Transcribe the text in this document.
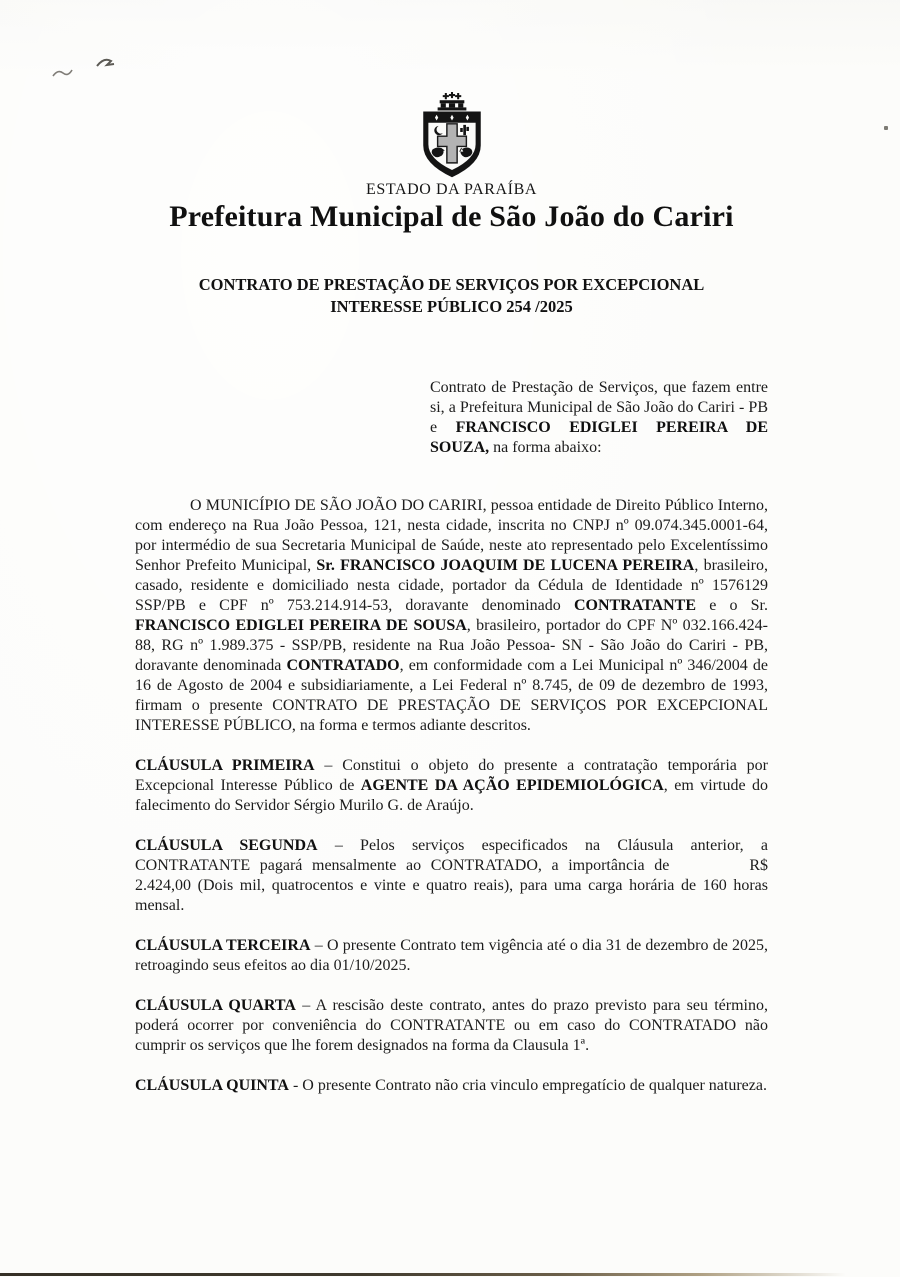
ESTADO DA PARAÍBA
Prefeitura Municipal de São João do Cariri
CONTRATO DE PRESTAÇÃO DE SERVIÇOS POR EXCEPCIONAL
INTERESSE PÚBLICO 254 /2025

Contrato de Prestação de Serviços, que fazem entre si, a Prefeitura Municipal de São João do Cariri - PB e FRANCISCO EDIGLEI PEREIRA DE SOUZA, na forma abaixo:

O MUNICÍPIO DE SÃO JOÃO DO CARIRI, pessoa entidade de Direito Público Interno, com endereço na Rua João Pessoa, 121, nesta cidade, inscrita no CNPJ nº 09.074.345.0001-64, por intermédio de sua Secretaria Municipal de Saúde, neste ato representado pelo Excelentíssimo Senhor Prefeito Municipal, Sr. FRANCISCO JOAQUIM DE LUCENA PEREIRA, brasileiro, casado, residente e domiciliado nesta cidade, portador da Cédula de Identidade nº 1576129 SSP/PB e CPF nº 753.214.914-53, doravante denominado CONTRATANTE e o Sr. FRANCISCO EDIGLEI PEREIRA DE SOUSA, brasileiro, portador do CPF Nº 032.166.424-88, RG nº 1.989.375 - SSP/PB, residente na Rua João Pessoa- SN - São João do Cariri - PB, doravante denominada CONTRATADO, em conformidade com a Lei Municipal nº 346/2004 de 16 de Agosto de 2004 e subsidiariamente, a Lei Federal nº 8.745, de 09 de dezembro de 1993, firmam o presente CONTRATO DE PRESTAÇÃO DE SERVIÇOS POR EXCEPCIONAL INTERESSE PÚBLICO, na forma e termos adiante descritos.

CLÁUSULA PRIMEIRA – Constitui o objeto do presente a contratação temporária por Excepcional Interesse Público de AGENTE DA AÇÃO EPIDEMIOLÓGICA, em virtude do falecimento do Servidor Sérgio Murilo G. de Araújo.

CLÁUSULA SEGUNDA – Pelos serviços especificados na Cláusula anterior, a CONTRATANTE pagará mensalmente ao CONTRATADO, a importância de	R$ 2.424,00 (Dois mil, quatrocentos e vinte e quatro reais), para uma carga horária de 160 horas mensal.

CLÁUSULA TERCEIRA – O presente Contrato tem vigência até o dia 31 de dezembro de 2025, retroagindo seus efeitos ao dia 01/10/2025.

CLÁUSULA QUARTA – A rescisão deste contrato, antes do prazo previsto para seu término, poderá ocorrer por conveniência do CONTRATANTE ou em caso do CONTRATADO não cumprir os serviços que lhe forem designados na forma da Clausula 1ª.

CLÁUSULA QUINTA - O presente Contrato não cria vinculo empregatício de qualquer natureza.
